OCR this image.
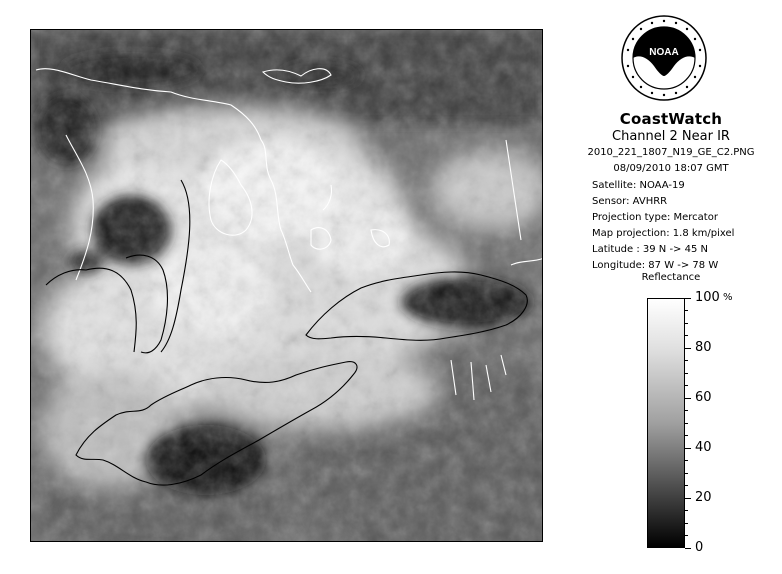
NOAA
CoastWatch
Channel 2 Near IR
2010_221_1807_N19_GE_C2.PNG
08/09/2010 18:07 GMT
Satellite: NOAA-19
Sensor: AVHRR
Projection type: Mercator
Map projection: 1.8 km/pixel
Latitude : 39 N -> 45 N
Longitude: 87 W -> 78 W
Reflectance
%
100
80
60
40
20
0
